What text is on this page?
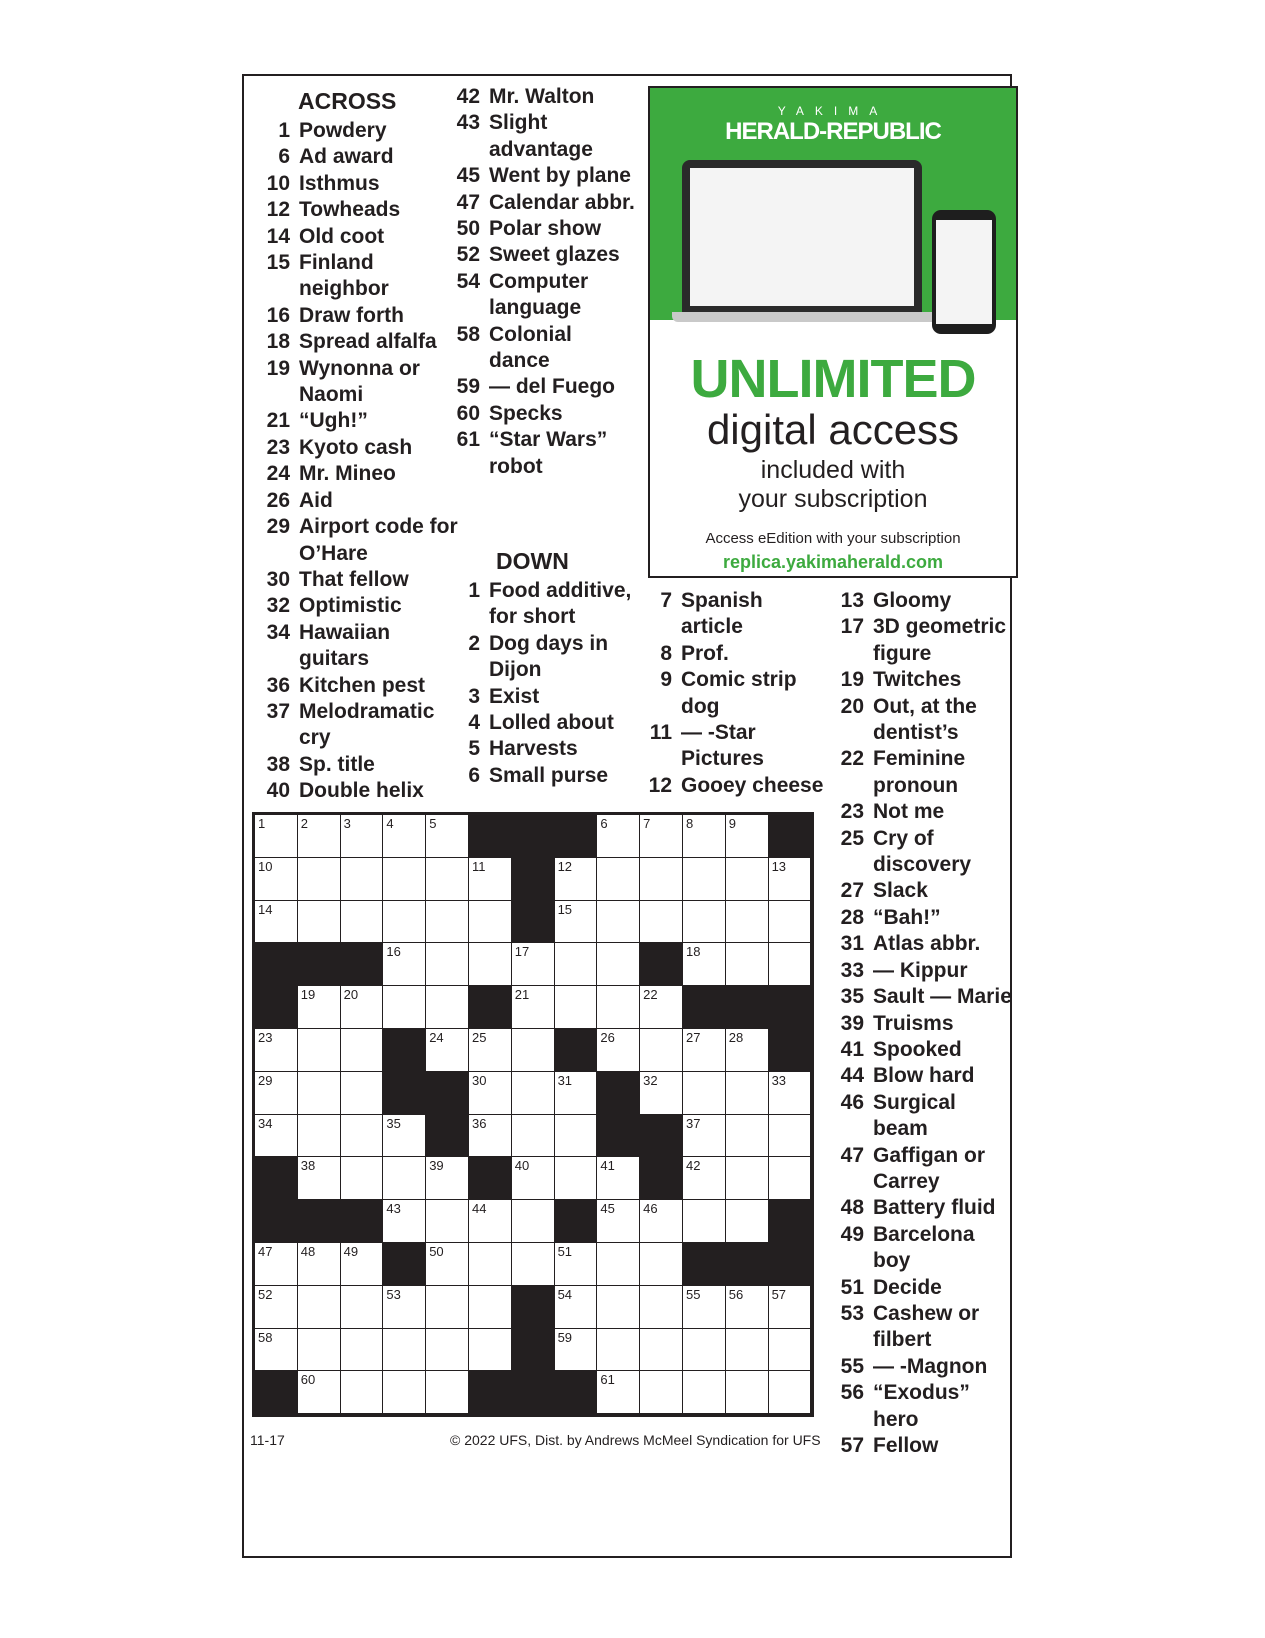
ACROSS
1 Powdery
6 Ad award
10 Isthmus
12 Towheads
14 Old coot
15 Finland neighbor
16 Draw forth
18 Spread alfalfa
19 Wynonna or Naomi
21 “Ugh!”
23 Kyoto cash
24 Mr. Mineo
26 Aid
29 Airport code for O’Hare
30 That fellow
32 Optimistic
34 Hawaiian guitars
36 Kitchen pest
37 Melodramatic cry
38 Sp. title
40 Double helix
42 Mr. Walton
43 Slight advantage
45 Went by plane
47 Calendar abbr.
50 Polar show
52 Sweet glazes
54 Computer language
58 Colonial dance
59 — del Fuego
60 Specks
61 “Star Wars” robot
DOWN
1 Food additive, for short
2 Dog days in Dijon
3 Exist
4 Lolled about
5 Harvests
6 Small purse
7 Spanish article
8 Prof.
9 Comic strip dog
11 — -Star Pictures
12 Gooey cheese
13 Gloomy
17 3D geometric figure
19 Twitches
20 Out, at the dentist’s
22 Feminine pronoun
23 Not me
25 Cry of discovery
27 Slack
28 “Bah!”
31 Atlas abbr.
33 — Kippur
35 Sault — Marie
39 Truisms
41 Spooked
44 Blow hard
46 Surgical beam
47 Gaffigan or Carrey
48 Battery fluid
49 Barcelona boy
51 Decide
53 Cashew or filbert
55 — -Magnon
56 “Exodus” hero
57 Fellow
YAKIMA
HERALD-REPUBLIC
UNLIMITED
digital access
included with
your subscription
Access eEdition with your subscription
replica.yakimaherald.com
1	2	3	4	5	6	7	8	9
10	11	12	13
14	15
16	17	18
19 20	21	22
23	24 25	26	27 28
29	30	31	32	33
34	35	36	37
38	39	40	41	42
43	44	45 46
47 48 49	50	51
52	53	54	55 56 57
58	59
60	61
11-17	© 2022 UFS, Dist. by Andrews McMeel Syndication for UFS
